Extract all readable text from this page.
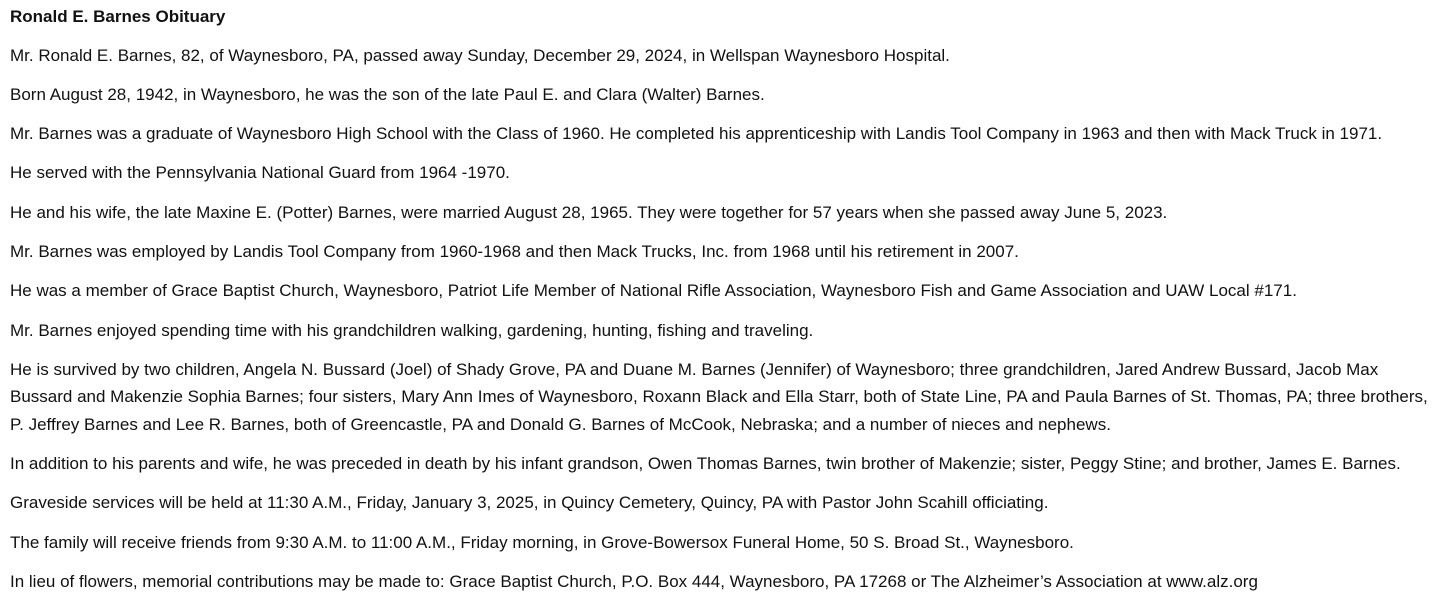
Ronald E. Barnes Obituary

Mr. Ronald E. Barnes, 82, of Waynesboro, PA, passed away Sunday, December 29, 2024, in Wellspan Waynesboro Hospital.

Born August 28, 1942, in Waynesboro, he was the son of the late Paul E. and Clara (Walter) Barnes.

Mr. Barnes was a graduate of Waynesboro High School with the Class of 1960. He completed his apprenticeship with Landis Tool Company in 1963 and then with Mack Truck in 1971.

He served with the Pennsylvania National Guard from 1964 -1970.

He and his wife, the late Maxine E. (Potter) Barnes, were married August 28, 1965. They were together for 57 years when she passed away June 5, 2023.

Mr. Barnes was employed by Landis Tool Company from 1960-1968 and then Mack Trucks, Inc. from 1968 until his retirement in 2007.

He was a member of Grace Baptist Church, Waynesboro, Patriot Life Member of National Rifle Association, Waynesboro Fish and Game Association and UAW Local #171.

Mr. Barnes enjoyed spending time with his grandchildren walking, gardening, hunting, fishing and traveling.

He is survived by two children, Angela N. Bussard (Joel) of Shady Grove, PA and Duane M. Barnes (Jennifer) of Waynesboro; three grandchildren, Jared Andrew Bussard, Jacob Max Bussard and Makenzie Sophia Barnes; four sisters, Mary Ann Imes of Waynesboro, Roxann Black and Ella Starr, both of State Line, PA and Paula Barnes of St. Thomas, PA; three brothers, P. Jeffrey Barnes and Lee R. Barnes, both of Greencastle, PA and Donald G. Barnes of McCook, Nebraska; and a number of nieces and nephews.

In addition to his parents and wife, he was preceded in death by his infant grandson, Owen Thomas Barnes, twin brother of Makenzie; sister, Peggy Stine; and brother, James E. Barnes.

Graveside services will be held at 11:30 A.M., Friday, January 3, 2025, in Quincy Cemetery, Quincy, PA with Pastor John Scahill officiating.

The family will receive friends from 9:30 A.M. to 11:00 A.M., Friday morning, in Grove-Bowersox Funeral Home, 50 S. Broad St., Waynesboro.

In lieu of flowers, memorial contributions may be made to: Grace Baptist Church, P.O. Box 444, Waynesboro, PA 17268 or The Alzheimer’s Association at www.alz.org
